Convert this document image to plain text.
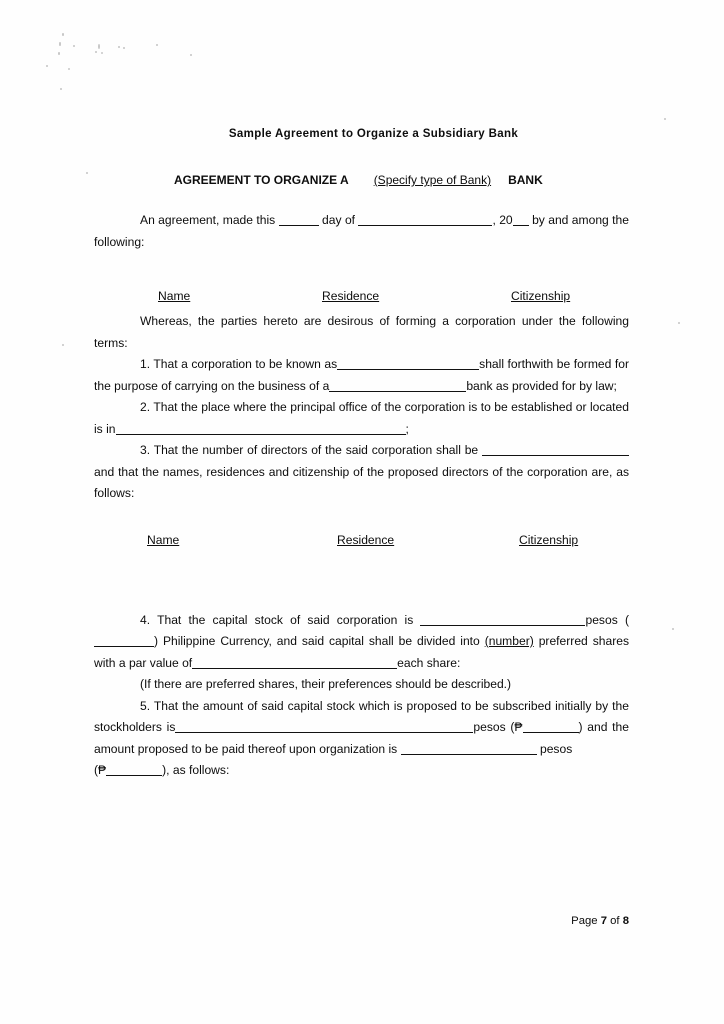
Sample Agreement to Organize a Subsidiary Bank
AGREEMENT TO ORGANIZE A (Specify type of Bank) BANK

An agreement, made this	day of	, 20 by and among the following:

Name	Residence	Citizenship

Whereas, the parties hereto are desirous of forming a corporation under the following terms:

1. That a corporation to be known as	shall forthwith be formed for the purpose of carrying on the business of a	bank as provided for by law;

2. That the place where the principal office of the corporation is to be established or located is in	;

3. That the number of directors of the said corporation shall be  and that the names, residences and citizenship of the proposed directors of the corporation are, as follows:

Name	Residence	Citizenship

4. That the capital stock of said corporation is	pesos () Philippine Currency, and said capital shall be divided into (number) preferred shares with a par value of	each share:

(If there are preferred shares, their preferences should be described.)

5. That the amount of said capital stock which is proposed to be subscribed initially by the stockholders is	pesos (₱	) and the amount proposed to be paid thereof upon organization is	pesos
(₱	), as follows:

Page 7 of 8
